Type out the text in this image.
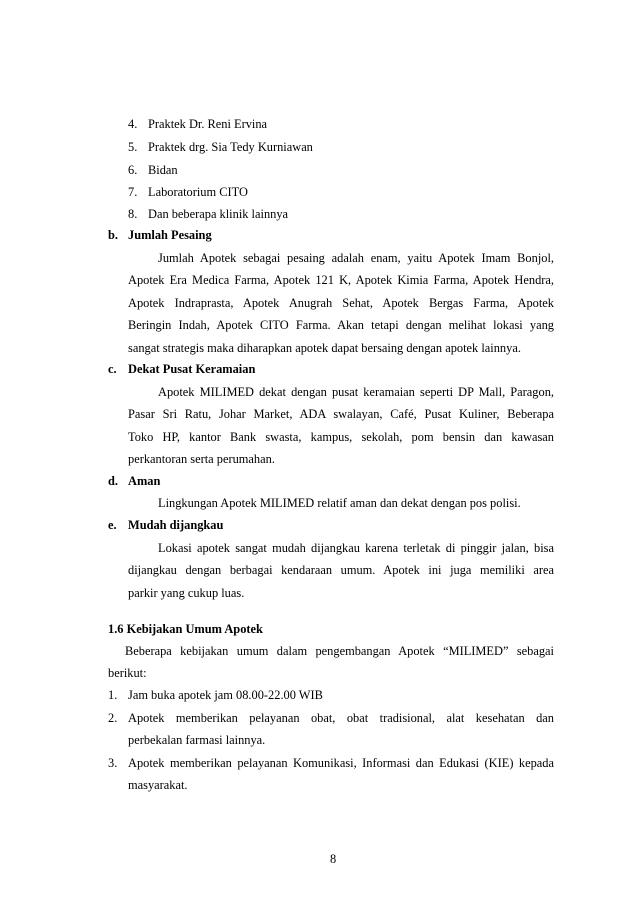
4. Praktek Dr. Reni Ervina
5. Praktek drg. Sia Tedy Kurniawan
6. Bidan
7. Laboratorium CITO
8. Dan beberapa klinik lainnya
b. Jumlah Pesaing
Jumlah Apotek sebagai pesaing adalah enam, yaitu Apotek Imam Bonjol,
Apotek Era Medica Farma, Apotek 121 K, Apotek Kimia Farma, Apotek Hendra,
Apotek Indraprasta, Apotek Anugrah Sehat, Apotek Bergas Farma, Apotek
Beringin Indah, Apotek CITO Farma. Akan tetapi dengan melihat lokasi yang
sangat strategis maka diharapkan apotek dapat bersaing dengan apotek lainnya.
c. Dekat Pusat Keramaian
Apotek MILIMED dekat dengan pusat keramaian seperti DP Mall, Paragon,
Pasar Sri Ratu, Johar Market, ADA swalayan, Café, Pusat Kuliner, Beberapa
Toko HP, kantor Bank swasta, kampus, sekolah, pom bensin dan kawasan
perkantoran serta perumahan.
d. Aman
Lingkungan Apotek MILIMED relatif aman dan dekat dengan pos polisi.
e. Mudah dijangkau
Lokasi apotek sangat mudah dijangkau karena terletak di pinggir jalan, bisa
dijangkau dengan berbagai kendaraan umum. Apotek ini juga memiliki area
parkir yang cukup luas.
1.6 Kebijakan Umum Apotek
Beberapa kebijakan umum dalam pengembangan Apotek “MILIMED” sebagai
berikut:
1. Jam buka apotek jam 08.00-22.00 WIB
2. Apotek memberikan pelayanan obat, obat tradisional, alat kesehatan dan
perbekalan farmasi lainnya.
3. Apotek memberikan pelayanan Komunikasi, Informasi dan Edukasi (KIE) kepada
masyarakat.
8
